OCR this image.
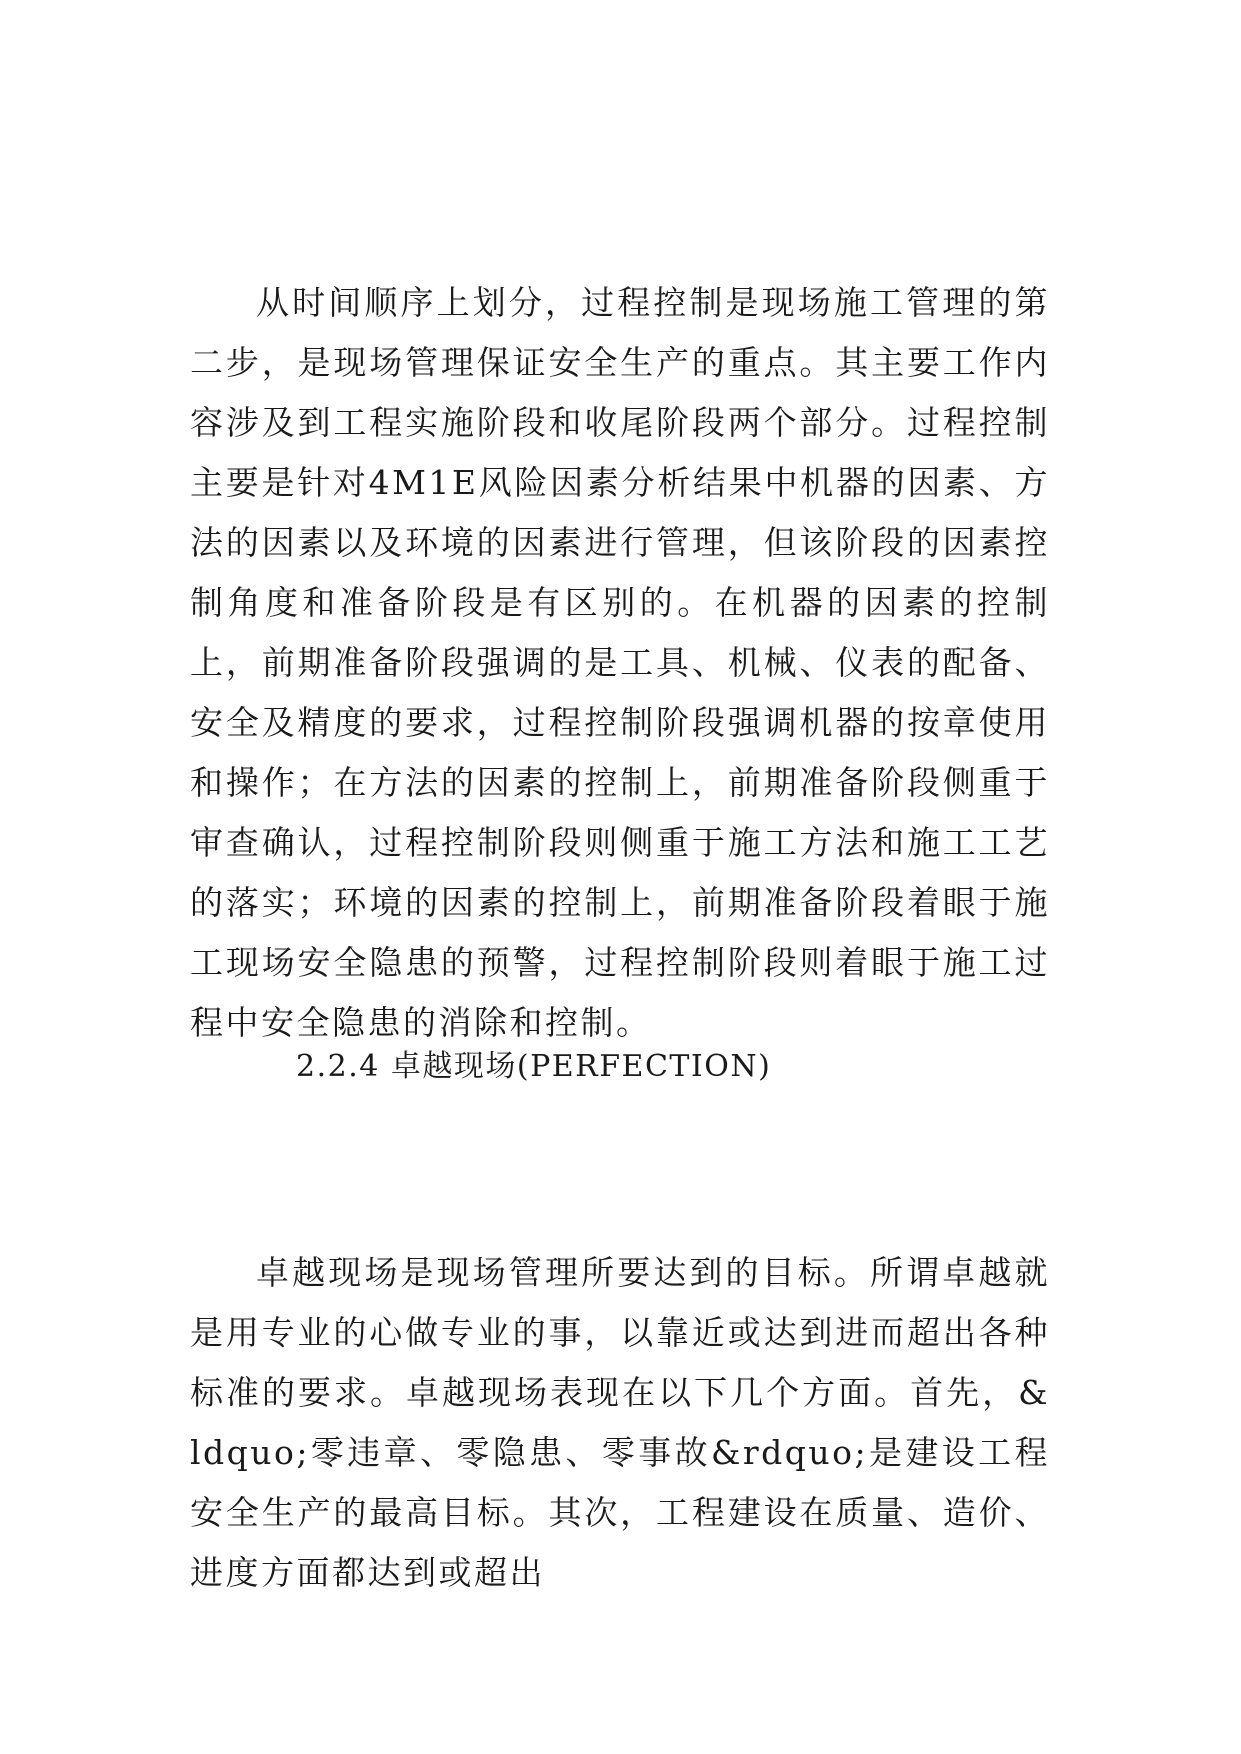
从时间顺序上划分，过程控制是现场施工管理的第二步，是现场管理保证安全生产的重点。其主要工作内容涉及到工程实施阶段和收尾阶段两个部分。过程控制主要是针对4M1E风险因素分析结果中机器的因素、方法的因素以及环境的因素进行管理，但该阶段的因素控制角度和准备阶段是有区别的。在机器的因素的控制上，前期准备阶段强调的是工具、机械、仪表的配备、安全及精度的要求，过程控制阶段强调机器的按章使用和操作；在方法的因素的控制上，前期准备阶段侧重于审查确认，过程控制阶段则侧重于施工方法和施工工艺的落实；环境的因素的控制上，前期准备阶段着眼于施工现场安全隐患的预警，过程控制阶段则着眼于施工过程中安全隐患的消除和控制。

2.2.4 卓越现场(PERFECTION)

卓越现场是现场管理所要达到的目标。所谓卓越就是用专业的心做专业的事，以靠近或达到进而超出各种标准的要求。卓越现场表现在以下几个方面。首先，&ldquo;零违章、零隐患、零事故&rdquo;是建设工程安全生产的最高目标。其次，工程建设在质量、造价、进度方面都达到或超出
